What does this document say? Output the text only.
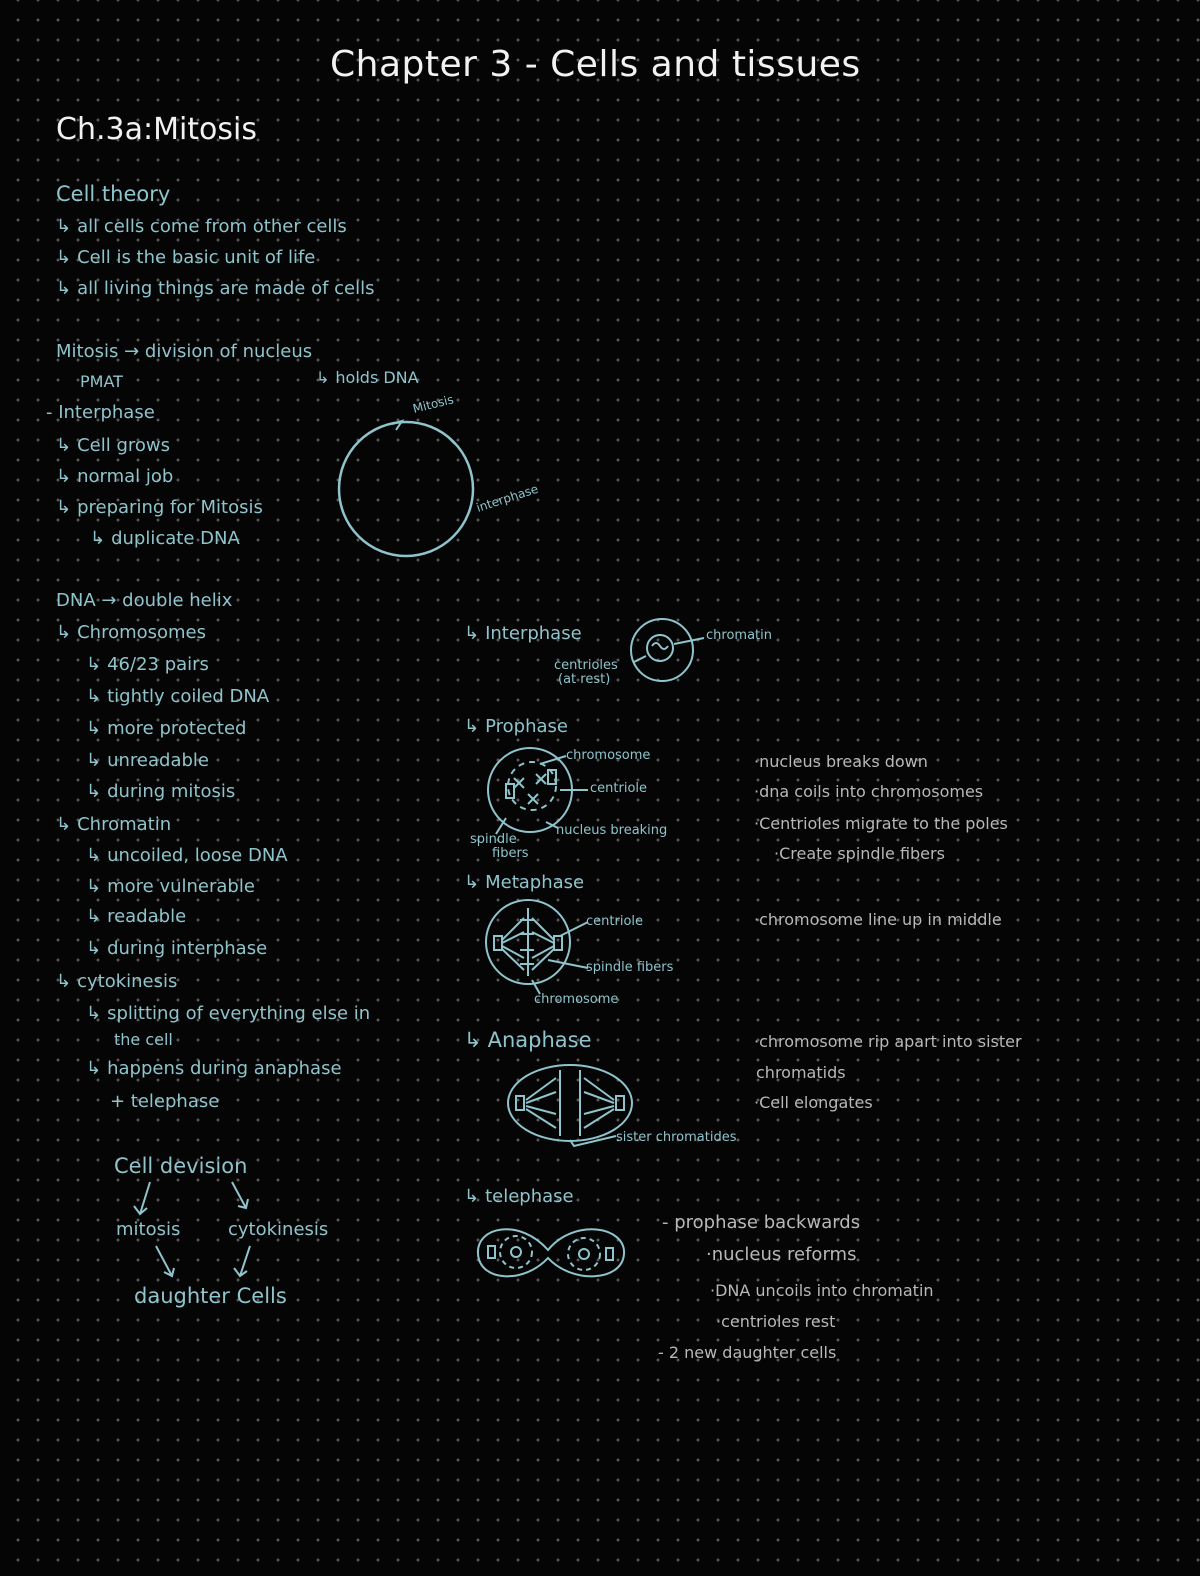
Chapter 3 - Cells and tissues
Ch.3a:Mitosis
Cell theory
↳ all cells come from other cells
↳ Cell is the basic unit of life
↳ all living things are made of cells
Mitosis → division of nucleus
↳ holds DNA
PMAT
- Interphase
↳ Cell grows
↳ normal job
↳ preparing for Mitosis
↳ duplicate DNA
Mitosis
interphase
DNA → double helix
↳ Chromosomes
↳ 46/23 pairs
↳ tightly coiled DNA
↳ more protected
↳ unreadable
↳ during mitosis
↳ Chromatin
↳ uncoiled, loose DNA
↳ more vulnerable
↳ readable
↳ during interphase
↳ cytokinesis
↳ splitting of everything else in
the cell
↳ happens during anaphase
+ telephase
Cell devision
mitosis	cytokinesis
daughter Cells
↳ Interphase	chromatin
centrioles
(at rest)
↳ Prophase
chromosome
centriole
spindle
fibers
nucleus breaking
·nucleus breaks down
·dna coils into chromosomes
·Centrioles migrate to the poles
·Create spindle fibers
↳ Metaphase
centriole
spindle fibers
chromosome
·chromosome line up in middle
↳ Anaphase
sister chromatides
·chromosome rip apart into sister
chromatids
·Cell elongates
↳ telephase
- prophase backwards
·nucleus reforms
·DNA uncoils into chromatin
·centrioles rest
- 2 new daughter cells
